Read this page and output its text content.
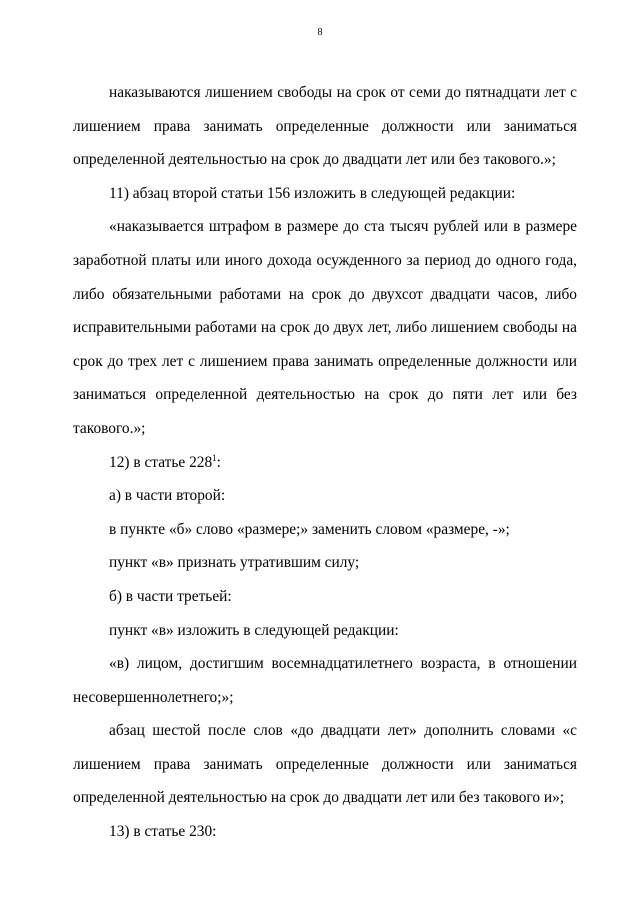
8

наказываются лишением свободы на срок от семи до пятнадцати лет с лишением права занимать определенные должности или заниматься определенной деятельностью на срок до двадцати лет или без такового.»;

11) абзац второй статьи 156 изложить в следующей редакции:

«наказывается штрафом в размере до ста тысяч рублей или в размере заработной платы или иного дохода осужденного за период до одного года, либо обязательными работами на срок до двухсот двадцати часов, либо исправительными работами на срок до двух лет, либо лишением свободы на срок до трех лет с лишением права занимать определенные должности или заниматься определенной деятельностью на срок до пяти лет или без такового.»;

12) в статье $228^1$:

а) в части второй:

в пункте «б» слово «размере;» заменить словом «размере, -»;

пункт «в» признать утратившим силу;

б) в части третьей:

пункт «в» изложить в следующей редакции:

«в) лицом, достигшим восемнадцатилетнего возраста, в отношении несовершеннолетнего;»;

абзац шестой после слов «до двадцати лет» дополнить словами «с лишением права занимать определенные должности или заниматься определенной деятельностью на срок до двадцати лет или без такового и»;

13) в статье 230:
